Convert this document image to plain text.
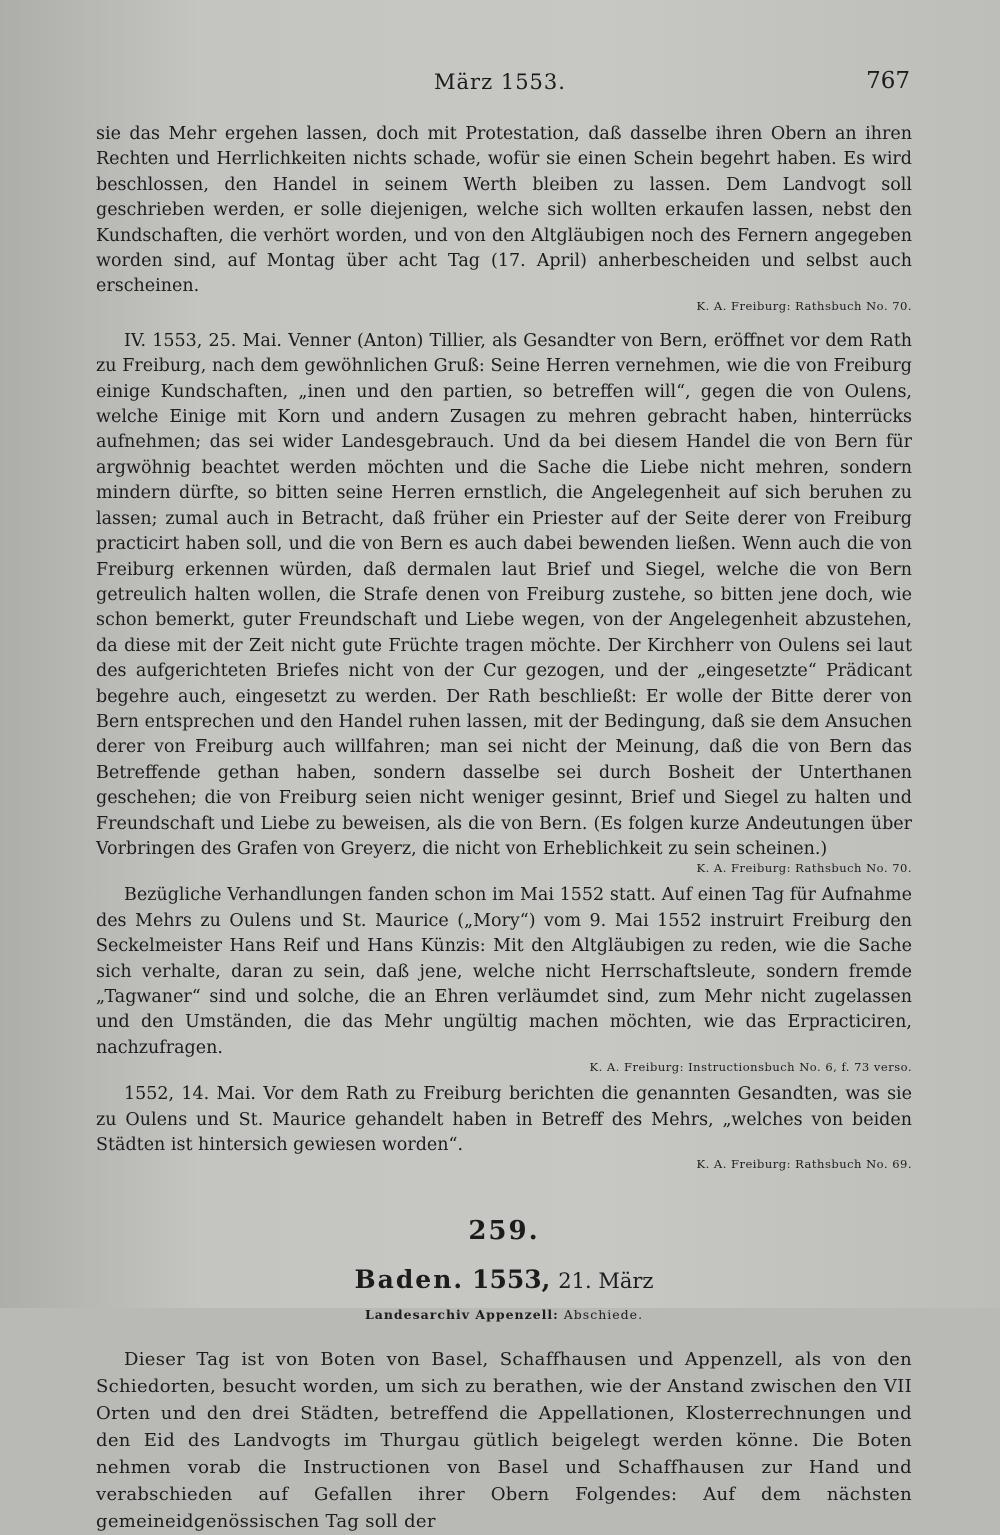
März 1553.	767

sie das Mehr ergehen lassen, doch mit Protestation, daß dasselbe ihren Obern an ihren Rechten und Herrlichkeiten nichts schade, wofür sie einen Schein begehrt haben. Es wird beschlossen, den Handel in seinem Werth bleiben zu lassen. Dem Landvogt soll geschrieben werden, er solle diejenigen, welche sich wollten erkaufen lassen, nebst den Kundschaften, die verhört worden, und von den Altgläubigen noch des Fernern angegeben worden sind, auf Montag über acht Tag (17. April) anherbescheiden und selbst auch erscheinen.

K. A. Freiburg: Rathsbuch No. 70.

IV. 1553, 25. Mai. Venner (Anton) Tillier, als Gesandter von Bern, eröffnet vor dem Rath zu Freiburg, nach dem gewöhnlichen Gruß: Seine Herren vernehmen, wie die von Freiburg einige Kundschaften, „inen und den partien, so betreffen will“, gegen die von Oulens, welche Einige mit Korn und andern Zusagen zu mehren gebracht haben, hinterrücks aufnehmen; das sei wider Landesgebrauch. Und da bei diesem Handel die von Bern für argwöhnig beachtet werden möchten und die Sache die Liebe nicht mehren, sondern mindern dürfte, so bitten seine Herren ernstlich, die Angelegenheit auf sich beruhen zu lassen; zumal auch in Betracht, daß früher ein Priester auf der Seite derer von Freiburg practicirt haben soll, und die von Bern es auch dabei bewenden ließen. Wenn auch die von Freiburg erkennen würden, daß dermalen laut Brief und Siegel, welche die von Bern getreulich halten wollen, die Strafe denen von Freiburg zustehe, so bitten jene doch, wie schon bemerkt, guter Freundschaft und Liebe wegen, von der Angelegenheit abzustehen, da diese mit der Zeit nicht gute Früchte tragen möchte. Der Kirchherr von Oulens sei laut des aufgerichteten Briefes nicht von der Cur gezogen, und der „eingesetzte“ Prädicant begehre auch, eingesetzt zu werden. Der Rath beschließt: Er wolle der Bitte derer von Bern entsprechen und den Handel ruhen lassen, mit der Bedingung, daß sie dem Ansuchen derer von Freiburg auch willfahren; man sei nicht der Meinung, daß die von Bern das Betreffende gethan haben, sondern dasselbe sei durch Bosheit der Unterthanen geschehen; die von Freiburg seien nicht weniger gesinnt, Brief und Siegel zu halten und Freundschaft und Liebe zu beweisen, als die von Bern. (Es folgen kurze Andeutungen über Vorbringen des Grafen von Greyerz, die nicht von Erheblichkeit zu sein scheinen.)

K. A. Freiburg: Rathsbuch No. 70.

Bezügliche Verhandlungen fanden schon im Mai 1552 statt. Auf einen Tag für Aufnahme des Mehrs zu Oulens und St. Maurice („Mory“) vom 9. Mai 1552 instruirt Freiburg den Seckelmeister Hans Reif und Hans Künzis: Mit den Altgläubigen zu reden, wie die Sache sich verhalte, daran zu sein, daß jene, welche nicht Herrschaftsleute, sondern fremde „Tagwaner“ sind und solche, die an Ehren verläumdet sind, zum Mehr nicht zugelassen und den Umständen, die das Mehr ungültig machen möchten, wie das Erpracticiren, nachzufragen.

K. A. Freiburg: Instructionsbuch No. 6, f. 73 verso.

1552, 14. Mai. Vor dem Rath zu Freiburg berichten die genannten Gesandten, was sie zu Oulens und St. Maurice gehandelt haben in Betreff des Mehrs, „welches von beiden Städten ist hintersich gewiesen worden“.

K. A. Freiburg: Rathsbuch No. 69.
259.
Baden. 1553, 21. März
Landesarchiv Appenzell: Abschiede.

Dieser Tag ist von Boten von Basel, Schaffhausen und Appenzell, als von den Schiedorten, besucht worden, um sich zu berathen, wie der Anstand zwischen den VII Orten und den drei Städten, betreffend die Appellationen, Klosterrechnungen und den Eid des Landvogts im Thurgau gütlich beigelegt werden könne. Die Boten nehmen vorab die Instructionen von Basel und Schaffhausen zur Hand und verabschieden auf Gefallen ihrer Obern Folgendes: Auf dem nächsten gemeineidgenössischen Tag soll der
